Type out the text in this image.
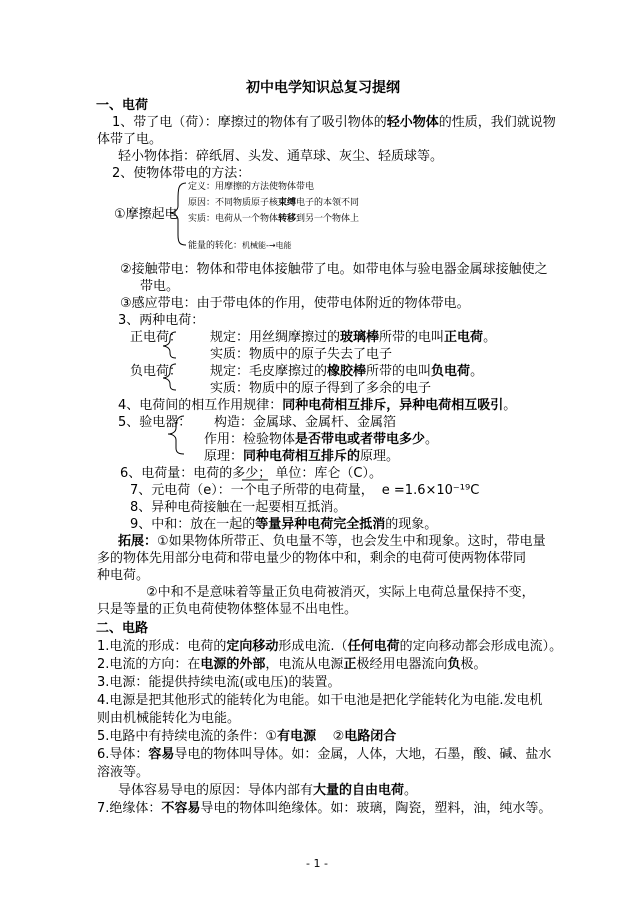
初中电学知识总复习提纲
一、电荷
1、带了电（荷）：摩擦过的物体有了吸引物体的轻小物体的性质，我们就说物
体带了电。
轻小物体指：碎纸屑、头发、通草球、灰尘、轻质球等。
2、使物体带电的方法：
①摩擦起电
定义：用摩擦的方法使物体带电
原因：不同物质原子核束缚电子的本领不同
实质：电荷从一个物体转移到另一个物体上
能量的转化：机械能-→电能
②接触带电：物体和带电体接触带了电。如带电体与验电器金属球接触使之
带电。
③感应带电：由于带电体的作用，使带电体附近的物体带电。
3、两种电荷：
正电荷： 规定：用丝绸摩擦过的玻璃棒所带的电叫正电荷。
实质：物质中的原子失去了电子
负电荷： 规定：毛皮摩擦过的橡胶棒所带的电叫负电荷。
实质：物质中的原子得到了多余的电子
4、电荷间的相互作用规律：同种电荷相互排斥，异种电荷相互吸引。
5、验电器： 构造：金属球、金属杆、金属箔
作用：检验物体是否带电或者带电多少。
原理：同种电荷相互排斥的原理。
6、电荷量：电荷的多少； 单位：库仑（C）。
7、元电荷（e）：一个电子所带的电荷量， e =1.6×10⁻¹⁹C
8、异种电荷接触在一起要相互抵消。
9、中和：放在一起的等量异种电荷完全抵消的现象。
拓展：①如果物体所带正、负电量不等，也会发生中和现象。这时，带电量
多的物体先用部分电荷和带电量少的物体中和，剩余的电荷可使两物体带同
种电荷。
②中和不是意味着等量正负电荷被消灭，实际上电荷总量保持不变，
只是等量的正负电荷使物体整体显不出电性。
二、电路
1.电流的形成：电荷的定向移动形成电流.（任何电荷的定向移动都会形成电流）。
2.电流的方向：在电源的外部，电流从电源正极经用电器流向负极。
3.电源：能提供持续电流(或电压)的装置。
4.电源是把其他形式的能转化为电能。如干电池是把化学能转化为电能.发电机
则由机械能转化为电能。
5.电路中有持续电流的条件：①有电源    ②电路闭合
6.导体：容易导电的物体叫导体。如：金属，人体，大地，石墨，酸、碱、盐水
溶液等。
导体容易导电的原因：导体内部有大量的自由电荷。
7.绝缘体：不容易导电的物体叫绝缘体。如：玻璃，陶瓷，塑料，油，纯水等。
- 1 -
